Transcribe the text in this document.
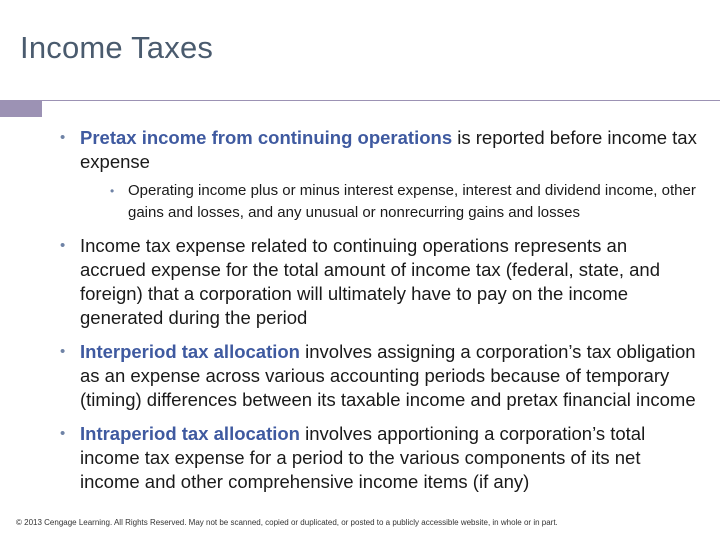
Income Taxes
• Pretax income from continuing operations is reported before income tax expense
• Operating income plus or minus interest expense, interest and dividend income, other gains and losses, and any unusual or nonrecurring gains and losses
• Income tax expense related to continuing operations represents an accrued expense for the total amount of income tax (federal, state, and foreign) that a corporation will ultimately have to pay on the income generated during the period
• Interperiod tax allocation involves assigning a corporation’s tax obligation as an expense across various accounting periods because of temporary (timing) differences between its taxable income and pretax financial income
• Intraperiod tax allocation involves apportioning a corporation’s total income tax expense for a period to the various components of its net income and other comprehensive income items (if any)
© 2013 Cengage Learning. All Rights Reserved. May not be scanned, copied or duplicated, or posted to a publicly accessible website, in whole or in part.
